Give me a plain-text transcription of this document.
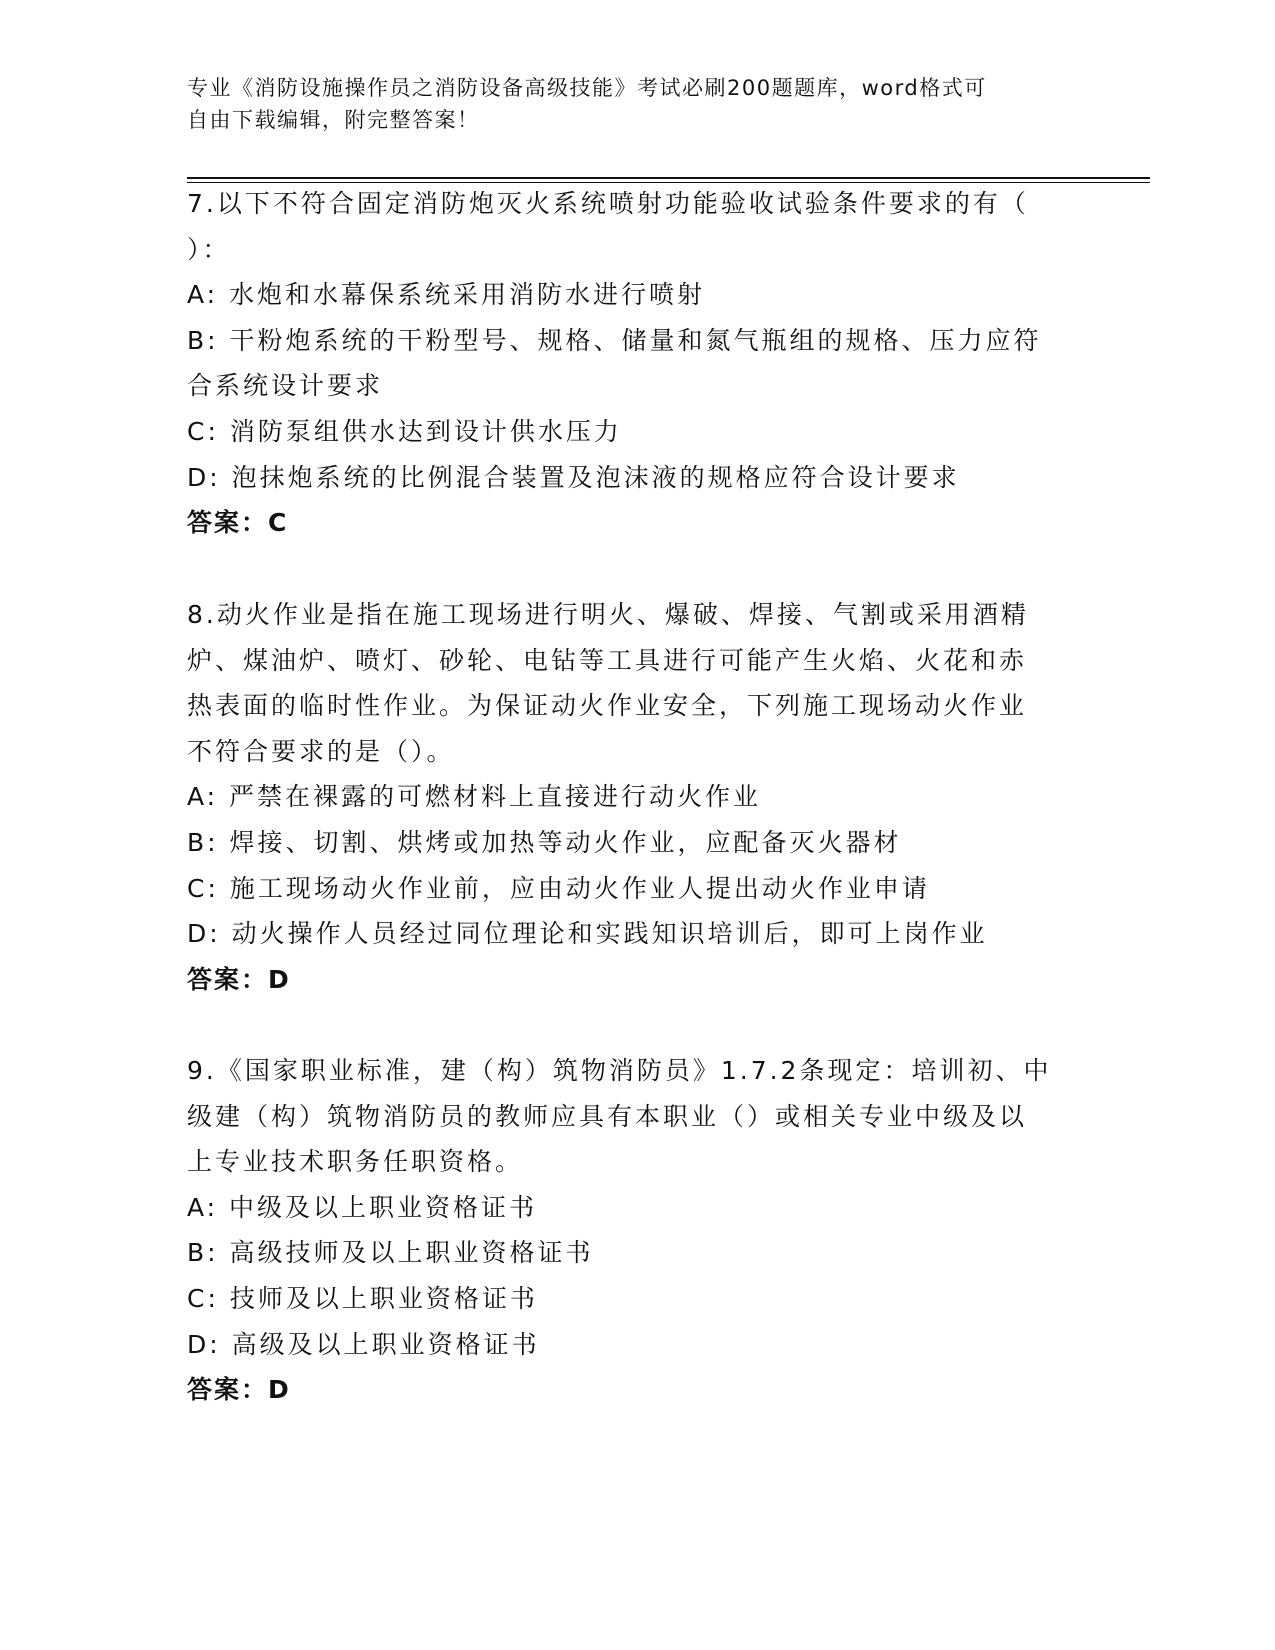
专业《消防设施操作员之消防设备高级技能》考试必刷200题题库，word格式可
自由下载编辑，附完整答案！
7.以下不符合固定消防炮灭火系统喷射功能验收试验条件要求的有（
）：
A: 水炮和水幕保系统采用消防水进行喷射
B: 干粉炮系统的干粉型号、规格、储量和氮气瓶组的规格、压力应符
合系统设计要求
C: 消防泵组供水达到设计供水压力
D: 泡抹炮系统的比例混合装置及泡沫液的规格应符合设计要求
答案：C
8.动火作业是指在施工现场进行明火、爆破、焊接、气割或采用酒精
炉、煤油炉、喷灯、砂轮、电钻等工具进行可能产生火焰、火花和赤
热表面的临时性作业。为保证动火作业安全，下列施工现场动火作业
不符合要求的是（）。
A: 严禁在裸露的可燃材料上直接进行动火作业
B: 焊接、切割、烘烤或加热等动火作业，应配备灭火器材
C: 施工现场动火作业前，应由动火作业人提出动火作业申请
D: 动火操作人员经过同位理论和实践知识培训后，即可上岗作业
答案：D
9.《国家职业标准，建（构）筑物消防员》1.7.2条现定：培训初、中
级建（构）筑物消防员的教师应具有本职业（）或相关专业中级及以
上专业技术职务任职资格。
A: 中级及以上职业资格证书
B: 高级技师及以上职业资格证书
C: 技师及以上职业资格证书
D: 高级及以上职业资格证书
答案：D
